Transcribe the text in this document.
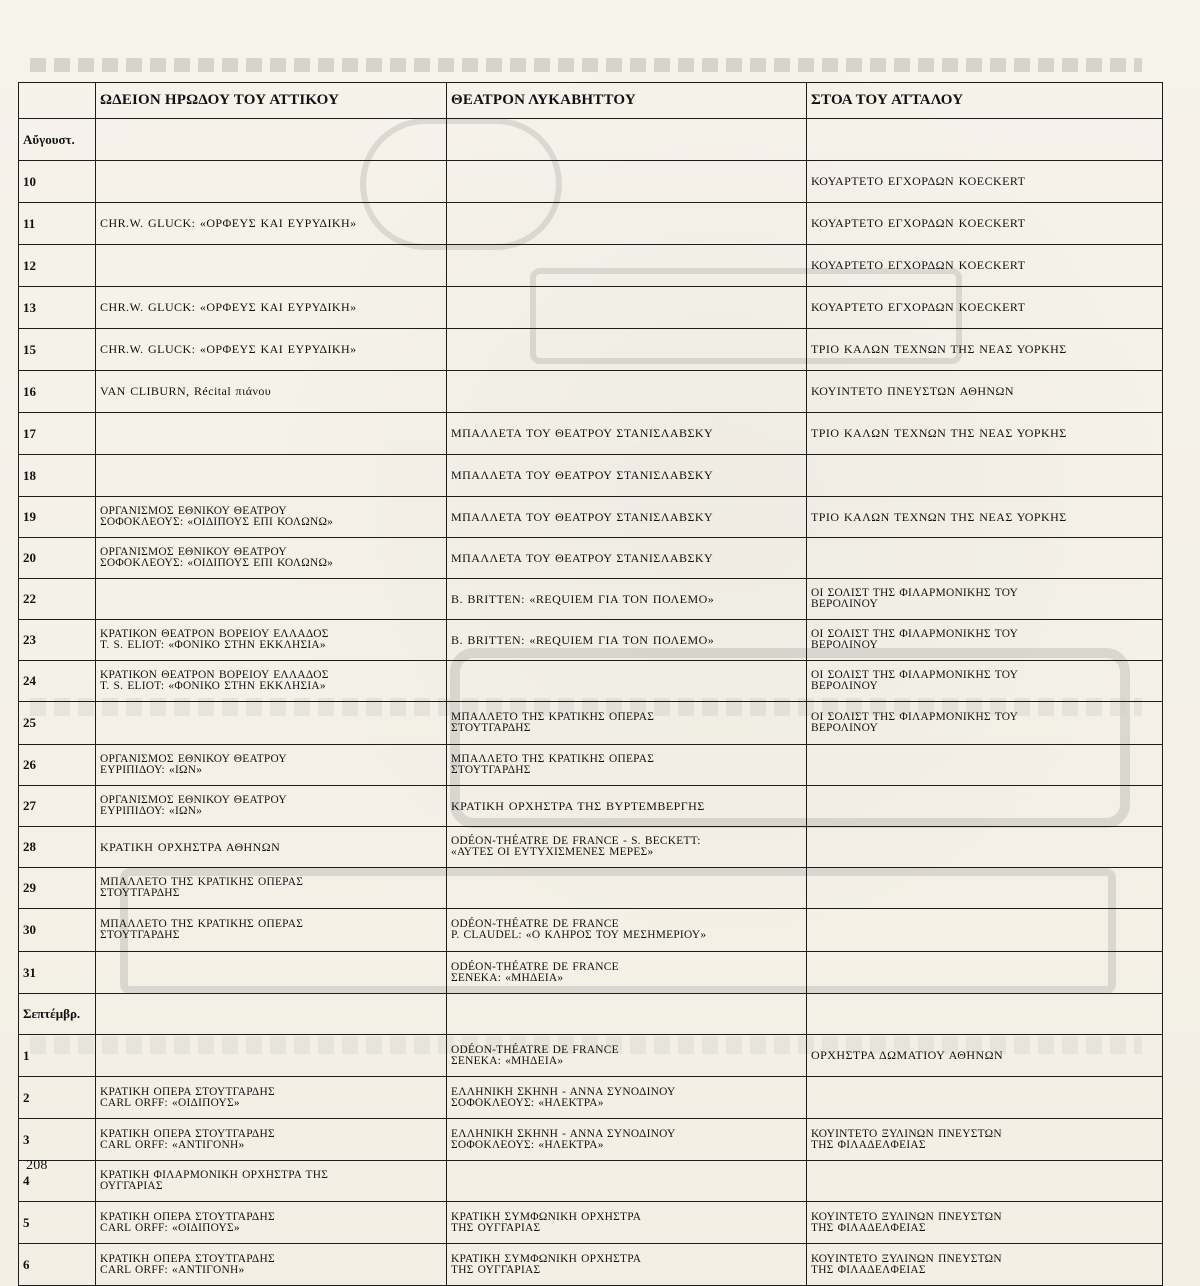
	ΩΔΕΙΟΝ ΗΡΩΔΟΥ ΤΟΥ ΑΤΤΙΚΟΥ	ΘΕΑΤΡΟΝ ΛΥΚΑΒΗΤΤΟΥ	ΣΤΟΑ ΤΟΥ ΑΤΤΑΛΟΥ
Αὔγουστ.			
10			ΚΟΥΑΡΤΕΤΟ ΕΓΧΟΡΔΩΝ ΚOECKERT
11	CHR.W. GLUCK: «ΟΡΦΕΥΣ ΚΑΙ ΕΥΡΥΔΙΚΗ»		ΚΟΥΑΡΤΕΤΟ ΕΓΧΟΡΔΩΝ ΚOECKERT
12			ΚΟΥΑΡΤΕΤΟ ΕΓΧΟΡΔΩΝ ΚOECKERT
13	CHR.W. GLUCK: «ΟΡΦΕΥΣ ΚΑΙ ΕΥΡΥΔΙΚΗ»		ΚΟΥΑΡΤΕΤΟ ΕΓΧΟΡΔΩΝ ΚOECKERT
15	CHR.W. GLUCK: «ΟΡΦΕΥΣ ΚΑΙ ΕΥΡΥΔΙΚΗ»		ΤΡΙΟ ΚΑΛΩΝ ΤΕΧΝΩΝ ΤΗΣ ΝΕΑΣ ΥΟΡΚΗΣ
16	VAN CLIBURN, Récital πιάνου		ΚΟΥΙΝΤΕΤΟ ΠΝΕΥΣΤΩΝ ΑΘΗΝΩΝ
17		ΜΠΑΛΛΕΤΑ ΤΟΥ ΘΕΑΤΡΟΥ ΣΤΑΝΙΣΛΑΒΣΚΥ	ΤΡΙΟ ΚΑΛΩΝ ΤΕΧΝΩΝ ΤΗΣ ΝΕΑΣ ΥΟΡΚΗΣ
18		ΜΠΑΛΛΕΤΑ ΤΟΥ ΘΕΑΤΡΟΥ ΣΤΑΝΙΣΛΑΒΣΚΥ	
19	ΟΡΓΑΝΙΣΜΟΣ ΕΘΝΙΚΟΥ ΘΕΑΤΡΟΥ
ΣΟΦΟΚΛΕΟΥΣ: «ΟΙΔΙΠΟΥΣ ΕΠΙ ΚΟΛΩΝΩ»	ΜΠΑΛΛΕΤΑ ΤΟΥ ΘΕΑΤΡΟΥ ΣΤΑΝΙΣΛΑΒΣΚΥ	ΤΡΙΟ ΚΑΛΩΝ ΤΕΧΝΩΝ ΤΗΣ ΝΕΑΣ ΥΟΡΚΗΣ
20	ΟΡΓΑΝΙΣΜΟΣ ΕΘΝΙΚΟΥ ΘΕΑΤΡΟΥ
ΣΟΦΟΚΛΕΟΥΣ: «ΟΙΔΙΠΟΥΣ ΕΠΙ ΚΟΛΩΝΩ»	ΜΠΑΛΛΕΤΑ ΤΟΥ ΘΕΑΤΡΟΥ ΣΤΑΝΙΣΛΑΒΣΚΥ	
22		B. BRITTEN: «REQUIEM ΓΙΑ ΤΟΝ ΠΟΛΕΜΟ»	ΟΙ ΣΟΛΙΣΤ ΤΗΣ ΦΙΛΑΡΜΟΝΙΚΗΣ ΤΟΥ
ΒΕΡΟΛΙΝΟΥ
23	ΚΡΑΤΙΚΟΝ ΘΕΑΤΡΟΝ ΒΟΡΕΙΟΥ ΕΛΛΑΔΟΣ
T. S. ELIOT: «ΦΟΝΙΚΟ ΣΤΗΝ ΕΚΚΛΗΣΙΑ»	B. BRITTEN: «REQUIEM ΓΙΑ ΤΟΝ ΠΟΛΕΜΟ»	ΟΙ ΣΟΛΙΣΤ ΤΗΣ ΦΙΛΑΡΜΟΝΙΚΗΣ ΤΟΥ
ΒΕΡΟΛΙΝΟΥ
24	ΚΡΑΤΙΚΟΝ ΘΕΑΤΡΟΝ ΒΟΡΕΙΟΥ ΕΛΛΑΔΟΣ
T. S. ELIOT: «ΦΟΝΙΚΟ ΣΤΗΝ ΕΚΚΛΗΣΙΑ»		ΟΙ ΣΟΛΙΣΤ ΤΗΣ ΦΙΛΑΡΜΟΝΙΚΗΣ ΤΟΥ
ΒΕΡΟΛΙΝΟΥ
25		ΜΠΑΛΛΕΤΟ ΤΗΣ ΚΡΑΤΙΚΗΣ ΟΠΕΡΑΣ
ΣΤΟΥΤΓΑΡΔΗΣ	ΟΙ ΣΟΛΙΣΤ ΤΗΣ ΦΙΛΑΡΜΟΝΙΚΗΣ ΤΟΥ
ΒΕΡΟΛΙΝΟΥ
26	ΟΡΓΑΝΙΣΜΟΣ ΕΘΝΙΚΟΥ ΘΕΑΤΡΟΥ
ΕΥΡΙΠΙΔΟΥ: «ΙΩΝ»	ΜΠΑΛΛΕΤΟ ΤΗΣ ΚΡΑΤΙΚΗΣ ΟΠΕΡΑΣ
ΣΤΟΥΤΓΑΡΔΗΣ	
27	ΟΡΓΑΝΙΣΜΟΣ ΕΘΝΙΚΟΥ ΘΕΑΤΡΟΥ
ΕΥΡΙΠΙΔΟΥ: «ΙΩΝ»	ΚΡΑΤΙΚΗ ΟΡΧΗΣΤΡΑ ΤΗΣ ΒΥΡΤΕΜΒΕΡΓΗΣ	
28	ΚΡΑΤΙΚΗ ΟΡΧΗΣΤΡΑ ΑΘΗΝΩΝ	ODÉON-THÉATRE DE FRANCE - S. BECKETT:
«ΑΥΤΕΣ ΟΙ ΕΥΤΥΧΙΣΜΕΝΕΣ ΜΕΡΕΣ»	
29	ΜΠΑΛΛΕΤΟ ΤΗΣ ΚΡΑΤΙΚΗΣ ΟΠΕΡΑΣ
ΣΤΟΥΤΓΑΡΔΗΣ		
30	ΜΠΑΛΛΕΤΟ ΤΗΣ ΚΡΑΤΙΚΗΣ ΟΠΕΡΑΣ
ΣΤΟΥΤΓΑΡΔΗΣ	ODÉON-THÉATRE DE FRANCE
P. CLAUDEL: «Ο ΚΛΗΡΟΣ ΤΟΥ ΜΕΣΗΜΕΡΙΟΥ»	
31		ODÉON-THÉATRE DE FRANCE
ΣΕΝΕΚΑ: «ΜΗΔΕΙΑ»	
Σεπτέμβρ.			
1		ODÉON-THÉATRE DE FRANCE
ΣΕΝΕΚΑ: «ΜΗΔΕΙΑ»	ΟΡΧΗΣΤΡΑ ΔΩΜΑΤΙΟΥ ΑΘΗΝΩΝ
2	ΚΡΑΤΙΚΗ ΟΠΕΡΑ ΣΤΟΥΤΓΑΡΔΗΣ
CARL ORFF: «ΟΙΔΙΠΟΥΣ»	ΕΛΛΗΝΙΚΗ ΣΚΗΝΗ - ΑΝΝΑ ΣΥΝΟΔΙΝΟΥ
ΣΟΦΟΚΛΕΟΥΣ: «ΗΛΕΚΤΡΑ»	
3	ΚΡΑΤΙΚΗ ΟΠΕΡΑ ΣΤΟΥΤΓΑΡΔΗΣ
CARL ORFF: «ΑΝΤΙΓΟΝΗ»	ΕΛΛΗΝΙΚΗ ΣΚΗΝΗ - ΑΝΝΑ ΣΥΝΟΔΙΝΟΥ
ΣΟΦΟΚΛΕΟΥΣ: «ΗΛΕΚΤΡΑ»	ΚΟΥΙΝΤΕΤΟ ΞΥΛΙΝΩΝ ΠΝΕΥΣΤΩΝ
ΤΗΣ ΦΙΛΑΔΕΛΦΕΙΑΣ
4	ΚΡΑΤΙΚΗ ΦΙΛΑΡΜΟΝΙΚΗ ΟΡΧΗΣΤΡΑ ΤΗΣ
ΟΥΓΓΑΡΙΑΣ		
5	ΚΡΑΤΙΚΗ ΟΠΕΡΑ ΣΤΟΥΤΓΑΡΔΗΣ
CARL ORFF: «ΟΙΔΙΠΟΥΣ»	ΚΡΑΤΙΚΗ ΣΥΜΦΩΝΙΚΗ ΟΡΧΗΣΤΡΑ
ΤΗΣ ΟΥΓΓΑΡΙΑΣ	ΚΟΥΙΝΤΕΤΟ ΞΥΛΙΝΩΝ ΠΝΕΥΣΤΩΝ
ΤΗΣ ΦΙΛΑΔΕΛΦΕΙΑΣ
6	ΚΡΑΤΙΚΗ ΟΠΕΡΑ ΣΤΟΥΤΓΑΡΔΗΣ
CARL ORFF: «ΑΝΤΙΓΟΝΗ»	ΚΡΑΤΙΚΗ ΣΥΜΦΩΝΙΚΗ ΟΡΧΗΣΤΡΑ
ΤΗΣ ΟΥΓΓΑΡΙΑΣ	ΚΟΥΙΝΤΕΤΟ ΞΥΛΙΝΩΝ ΠΝΕΥΣΤΩΝ
ΤΗΣ ΦΙΛΑΔΕΛΦΕΙΑΣ
208
